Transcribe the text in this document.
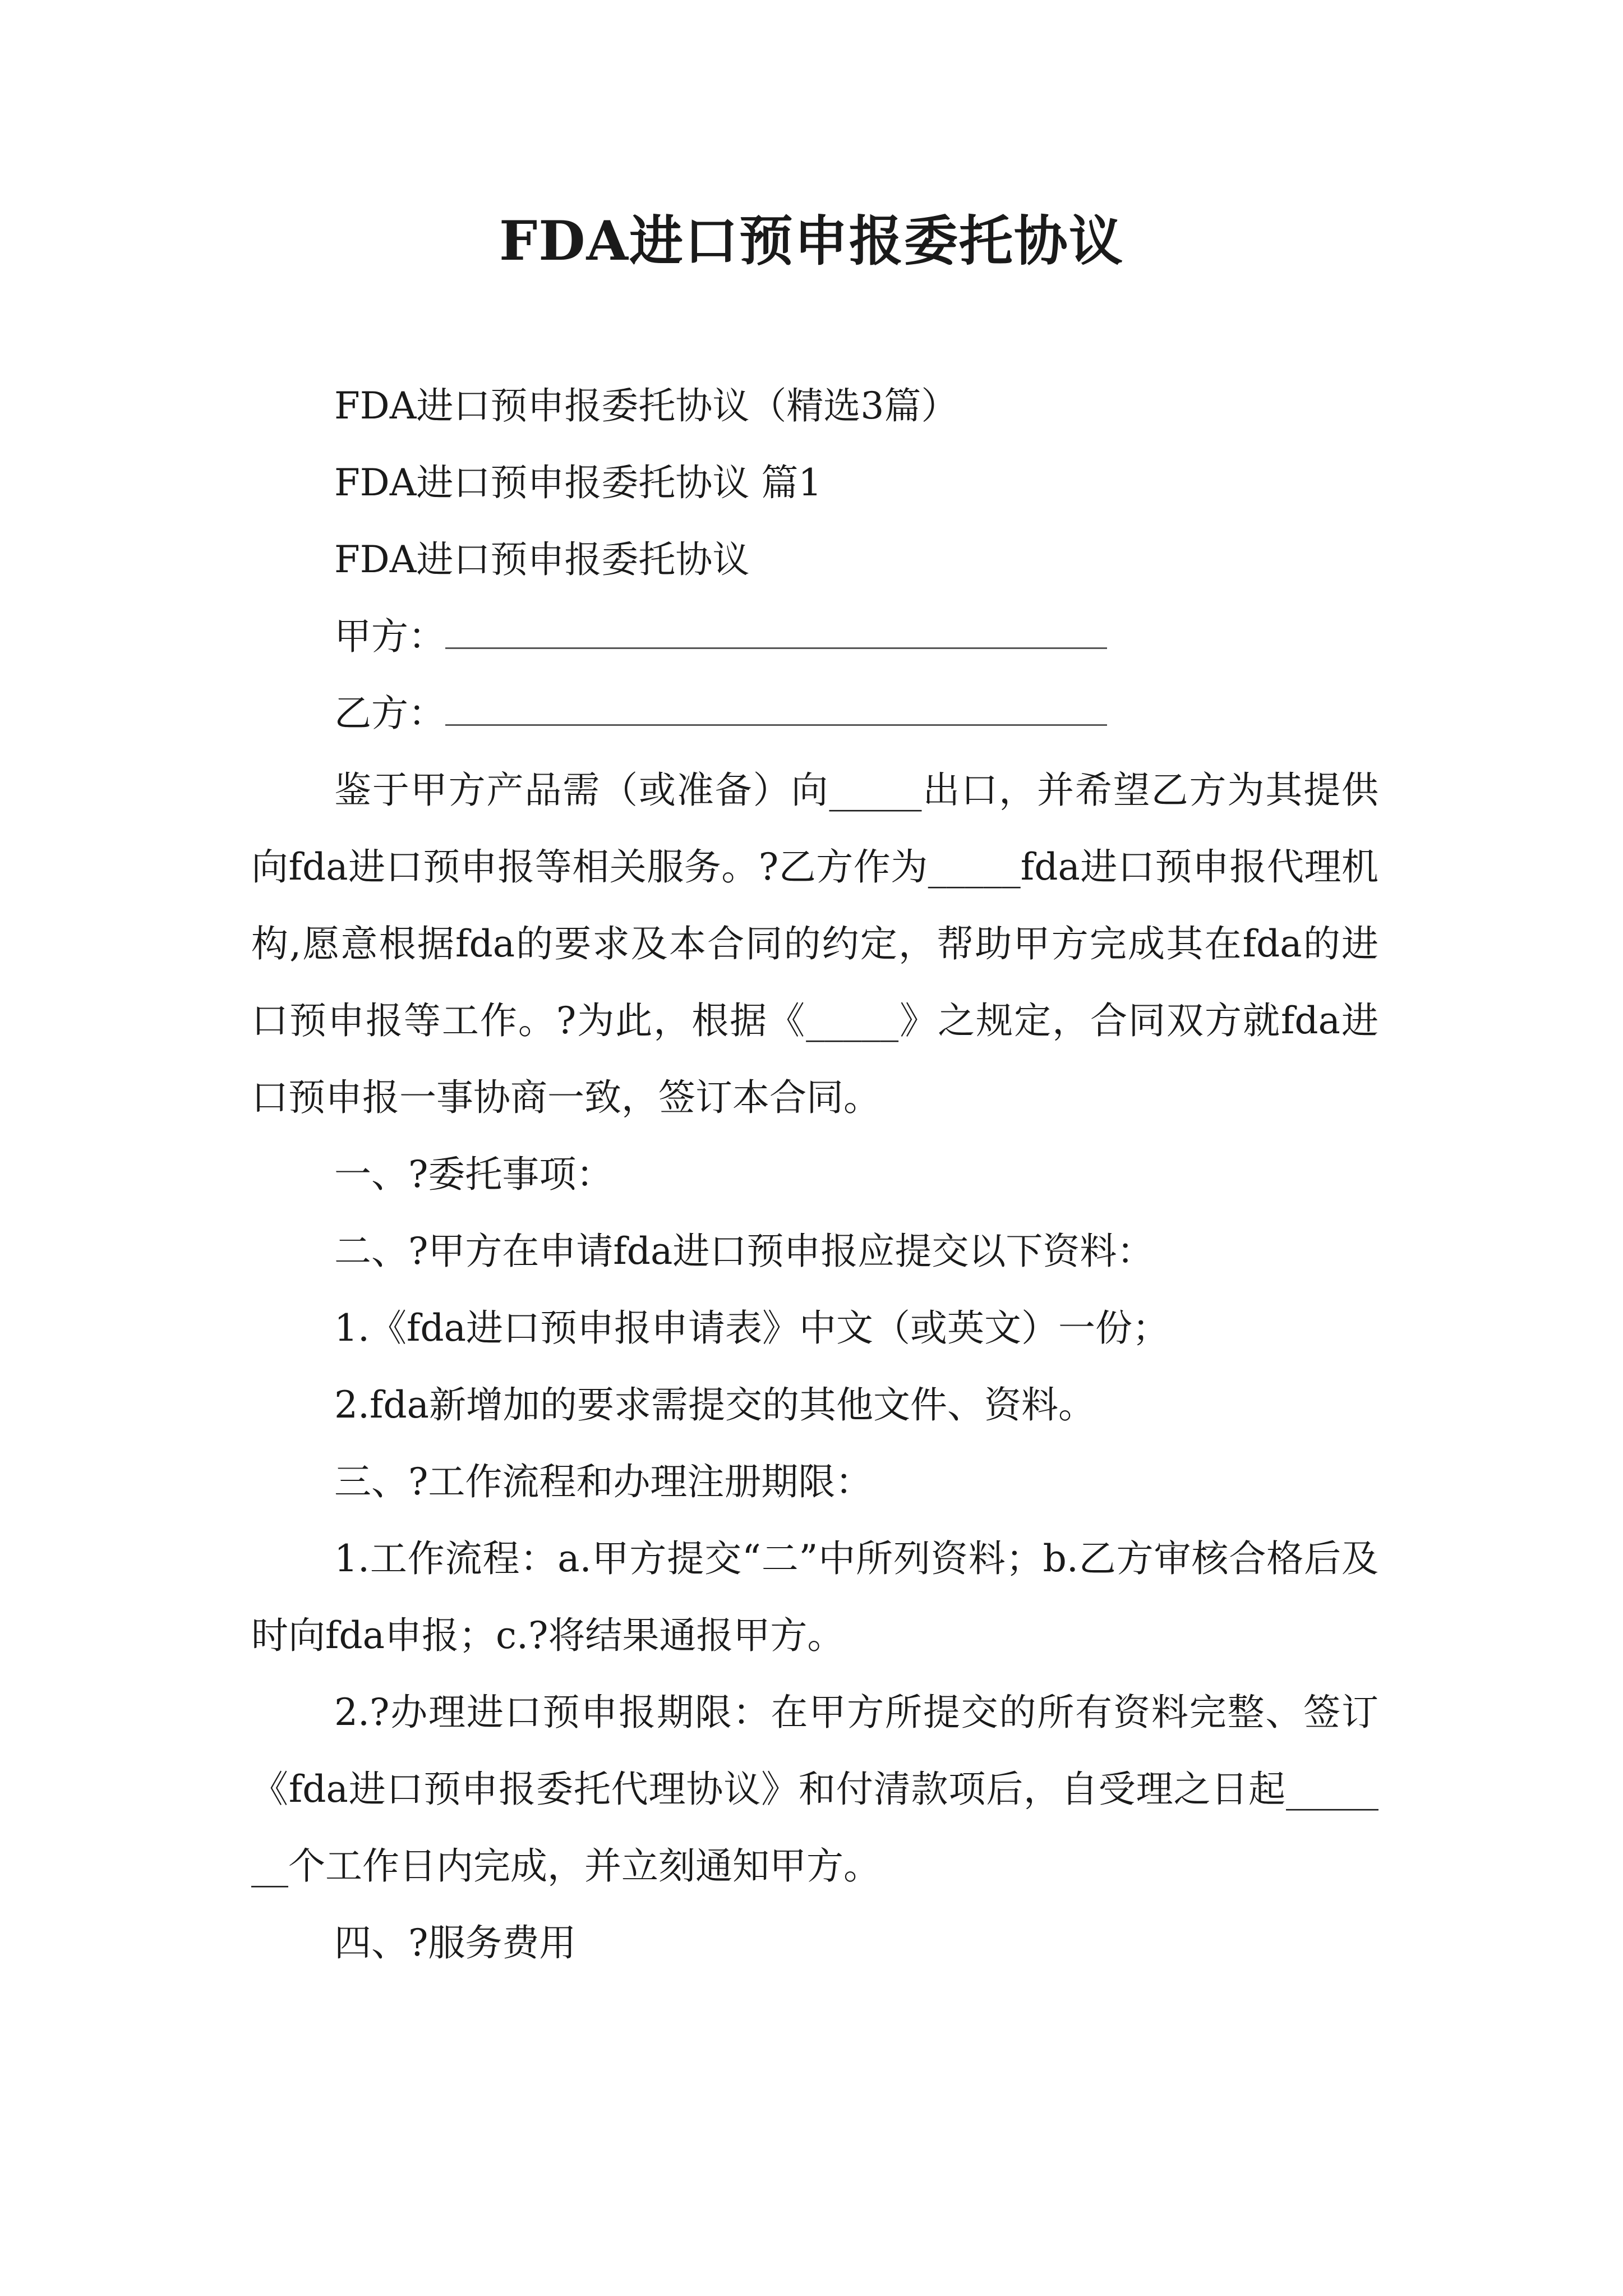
FDA进口预申报委托协议

FDA进口预申报委托协议（精选3篇）

FDA进口预申报委托协议 篇1

FDA进口预申报委托协议

甲方：

乙方：

鉴于甲方产品需（或准备）向_____出口，并希望乙方为其提供向fda进口预申报等相关服务。?乙方作为_____fda进口预申报代理机构,愿意根据fda的要求及本合同的约定，帮助甲方完成其在fda的进口预申报等工作。?为此，根据《_____》之规定，合同双方就fda进口预申报一事协商一致，签订本合同。

一、?委托事项：

二、?甲方在申请fda进口预申报应提交以下资料：

1.《fda进口预申报申请表》中文（或英文）一份；

2.fda新增加的要求需提交的其他文件、资料。

三、?工作流程和办理注册期限：

1.工作流程：a.甲方提交“二”中所列资料；b.乙方审核合格后及时向fda申报；c.?将结果通报甲方。

2.?办理进口预申报期限：在甲方所提交的所有资料完整、签订《fda进口预申报委托代理协议》和付清款项后，自受理之日起_______个工作日内完成，并立刻通知甲方。

四、?服务费用
